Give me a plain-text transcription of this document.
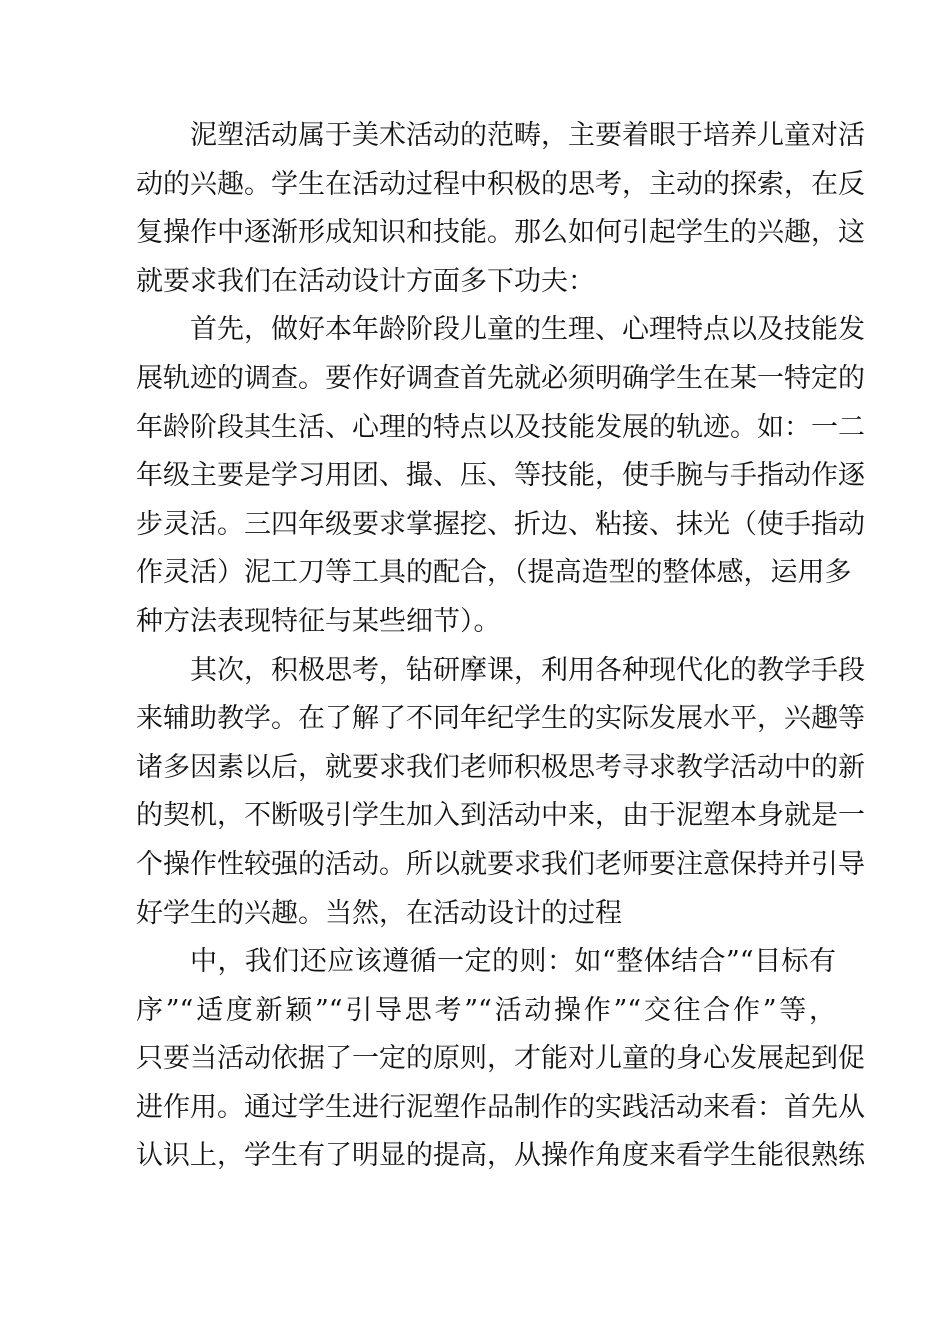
泥塑活动属于美术活动的范畴，主要着眼于培养儿童对活
动的兴趣。学生在活动过程中积极的思考，主动的探索，在反
复操作中逐渐形成知识和技能。那么如何引起学生的兴趣，这
就要求我们在活动设计方面多下功夫：
首先，做好本年龄阶段儿童的生理、心理特点以及技能发
展轨迹的调查。要作好调查首先就必须明确学生在某一特定的
年龄阶段其生活、心理的特点以及技能发展的轨迹。如：一二
年级主要是学习用团、撮、压、等技能，使手腕与手指动作逐
步灵活。三四年级要求掌握挖、折边、粘接、抹光（使手指动
作灵活）泥工刀等工具的配合，（提高造型的整体感，运用多
种方法表现特征与某些细节）。
其次，积极思考，钻研摩课，利用各种现代化的教学手段
来辅助教学。在了解了不同年纪学生的实际发展水平，兴趣等
诸多因素以后，就要求我们老师积极思考寻求教学活动中的新
的契机，不断吸引学生加入到活动中来，由于泥塑本身就是一
个操作性较强的活动。所以就要求我们老师要注意保持并引导
好学生的兴趣。当然，在活动设计的过程
中，我们还应该遵循一定的则：如“整体结合”“目标有
序”“适度新颖”“引导思考”“活动操作”“交往合作”等，
只要当活动依据了一定的原则，才能对儿童的身心发展起到促
进作用。通过学生进行泥塑作品制作的实践活动来看：首先从
认识上，学生有了明显的提高，从操作角度来看学生能很熟练
